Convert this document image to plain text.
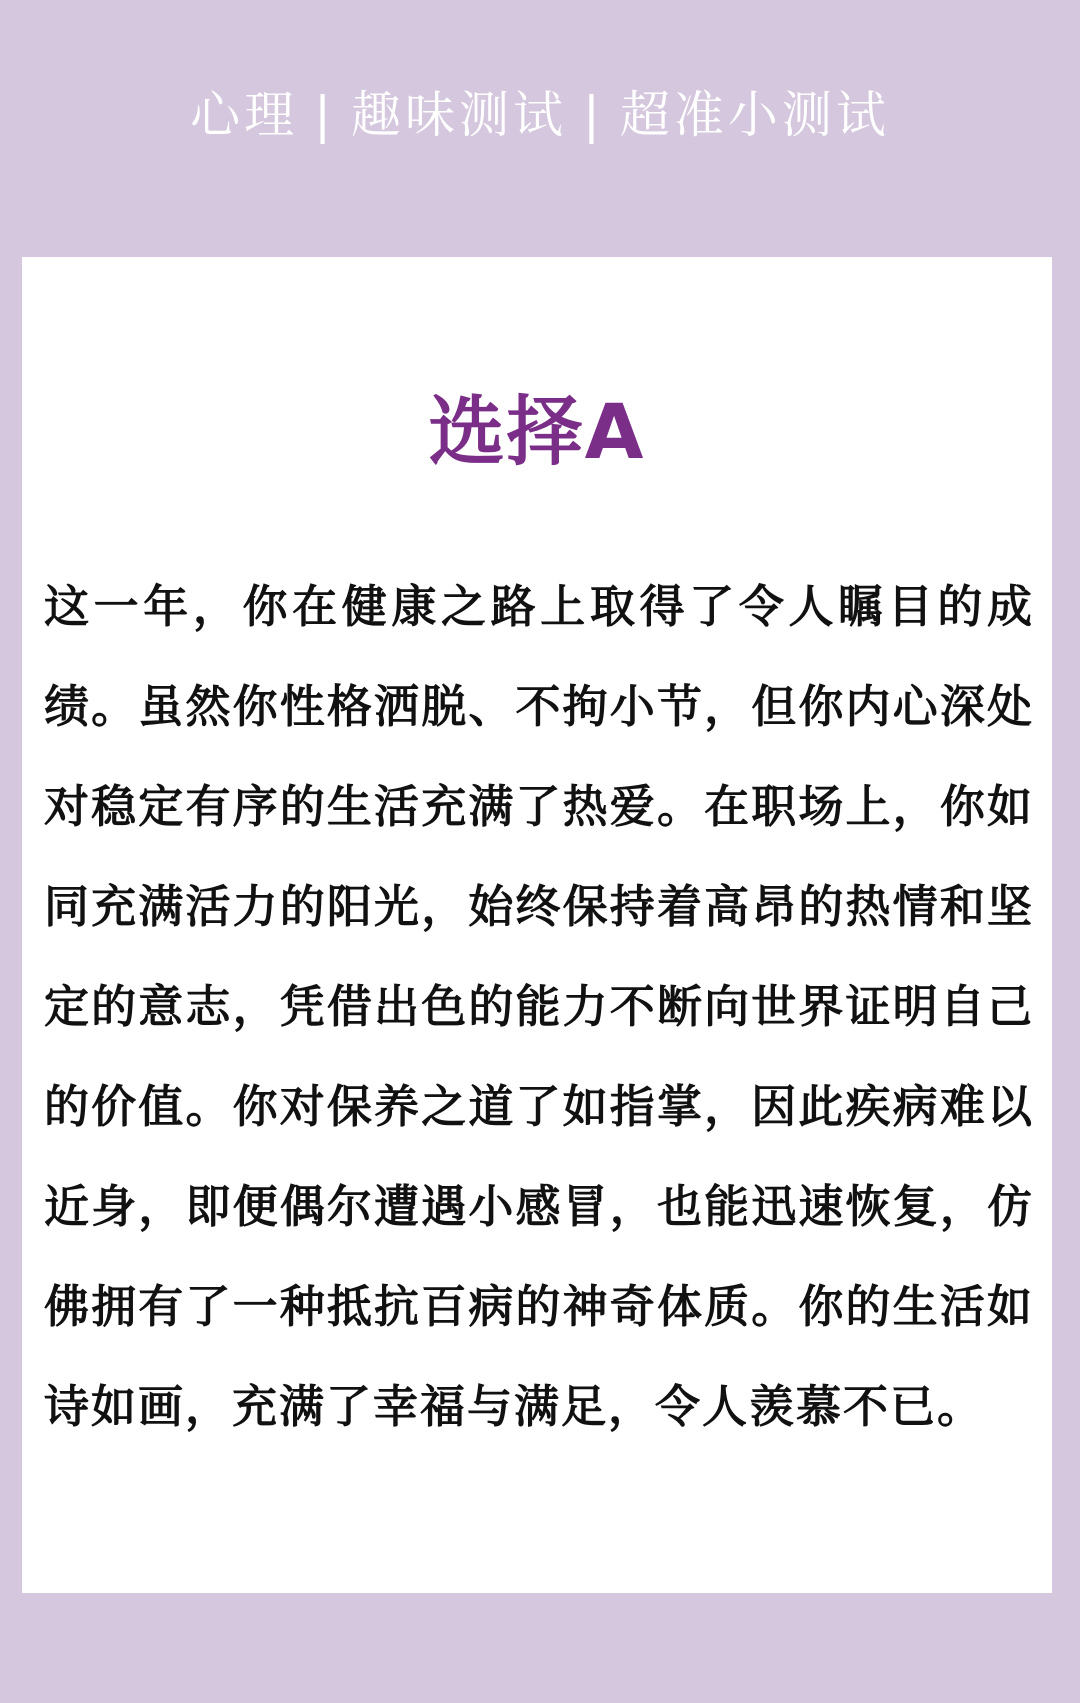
心理 | 趣味测试 | 超准小测试
选择A
这一年，你在健康之路上取得了令人瞩目的成绩。虽然你性格洒脱、不拘小节，但你内心深处对稳定有序的生活充满了热爱。在职场上，你如同充满活力的阳光，始终保持着高昂的热情和坚定的意志，凭借出色的能力不断向世界证明自己的价值。你对保养之道了如指掌，因此疾病难以近身，即便偶尔遭遇小感冒，也能迅速恢复，仿佛拥有了一种抵抗百病的神奇体质。你的生活如诗如画，充满了幸福与满足，令人羡慕不已。
